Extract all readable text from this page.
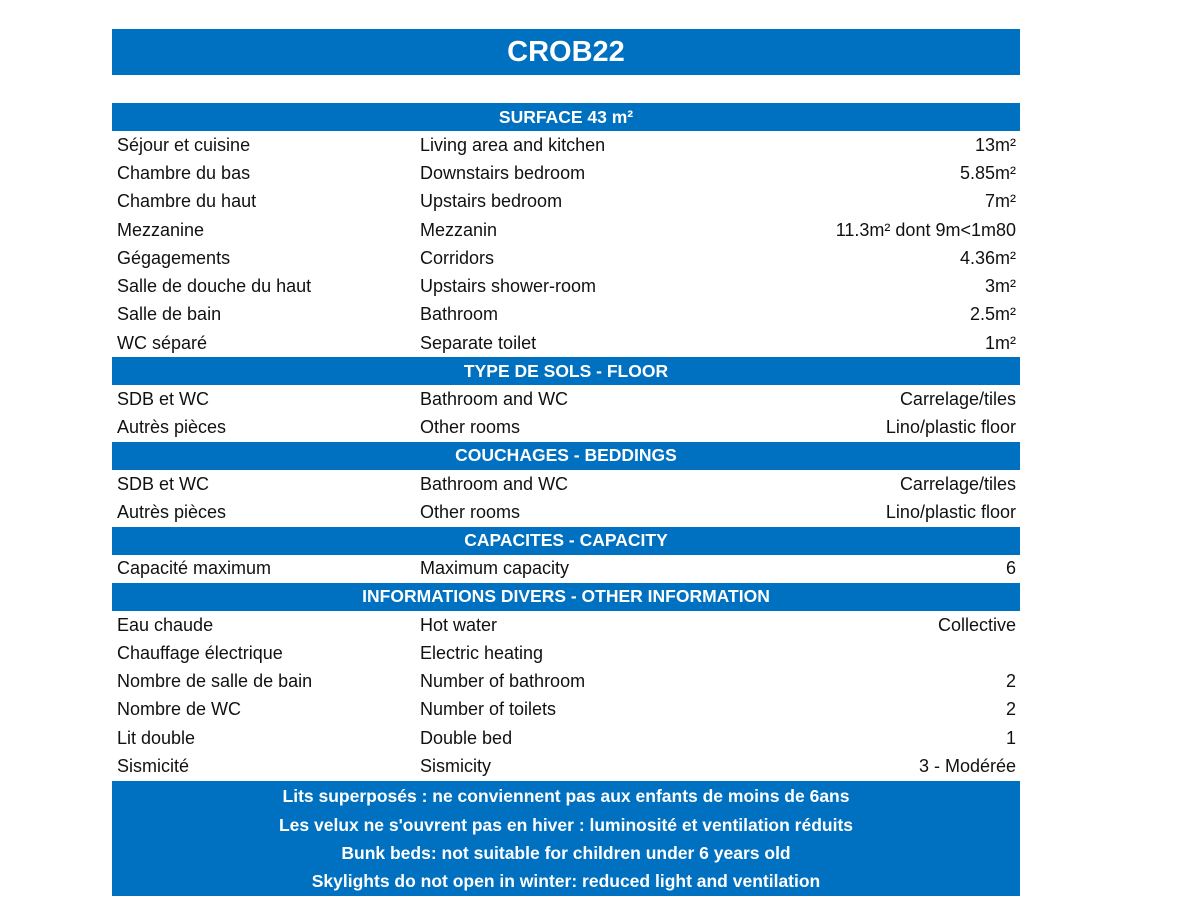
CROB22
SURFACE 43 m²
Séjour et cuisine	Living area and kitchen	13m²
Chambre du bas	Downstairs bedroom	5.85m²
Chambre du haut	Upstairs bedroom	7m²
Mezzanine	Mezzanin	11.3m² dont 9m<1m80
Gégagements	Corridors	4.36m²
Salle de douche du haut	Upstairs shower-room	3m²
Salle de bain	Bathroom	2.5m²
WC séparé	Separate toilet	1m²
TYPE DE SOLS - FLOOR
SDB et WC	Bathroom and WC	Carrelage/tiles
Autrès pièces	Other rooms	Lino/plastic floor
COUCHAGES - BEDDINGS
SDB et WC	Bathroom and WC	Carrelage/tiles
Autrès pièces	Other rooms	Lino/plastic floor
CAPACITES - CAPACITY
Capacité maximum	Maximum capacity	6
INFORMATIONS DIVERS - OTHER INFORMATION
Eau chaude	Hot water	Collective
Chauffage électrique	Electric heating
Nombre de salle de bain	Number of bathroom	2
Nombre de WC	Number of toilets	2
Lit double	Double bed	1
Sismicité	Sismicity	3 - Modérée
Lits superposés : ne conviennent pas aux enfants de moins de 6ans
Les velux ne s'ouvrent pas en hiver : luminosité et ventilation réduits
Bunk beds: not suitable for children under 6 years old
Skylights do not open in winter: reduced light and ventilation
